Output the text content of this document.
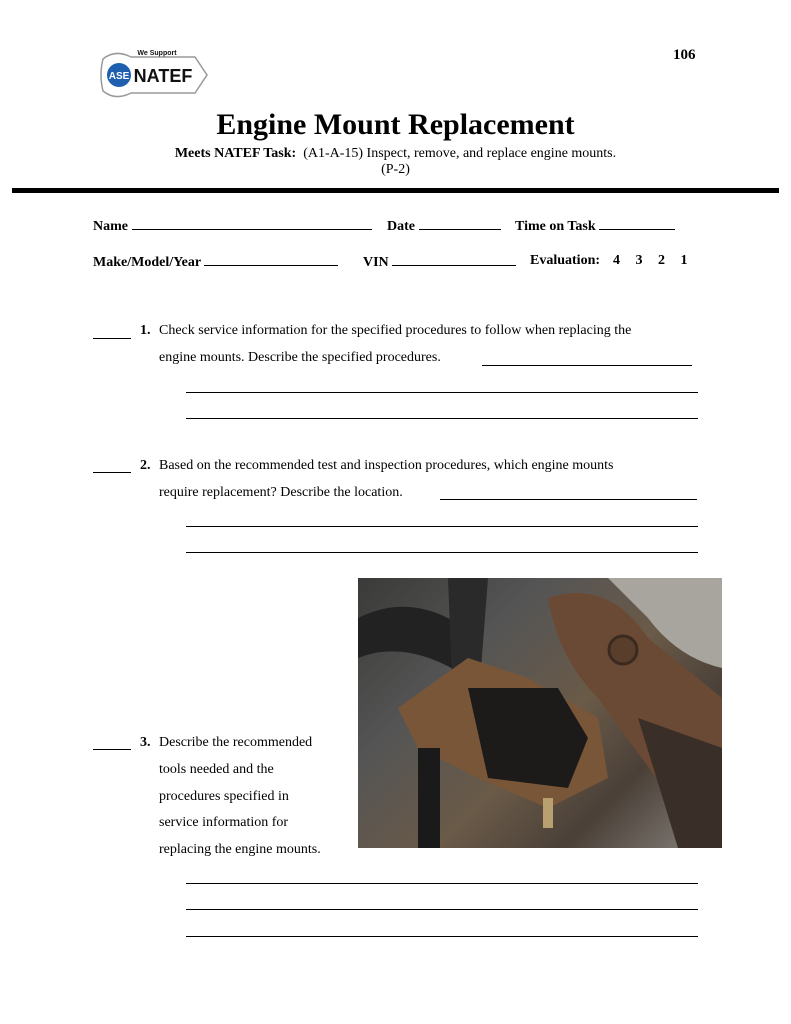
ASE NATEF
We Support	106
Engine Mount Replacement
Meets NATEF Task: (A1-A-15) Inspect, remove, and replace engine mounts.
(P-2)
Name	Date	Time on Task
Make/Model/Year	VIN	Evaluation: 4 3 2 1
1. Check service information for the specified procedures to follow when replacing the
engine mounts. Describe the specified procedures.
2. Based on the recommended test and inspection procedures, which engine mounts
require replacement? Describe the location.
3. Describe the recommended
tools needed and the
procedures specified in
service information for
replacing the engine mounts.
